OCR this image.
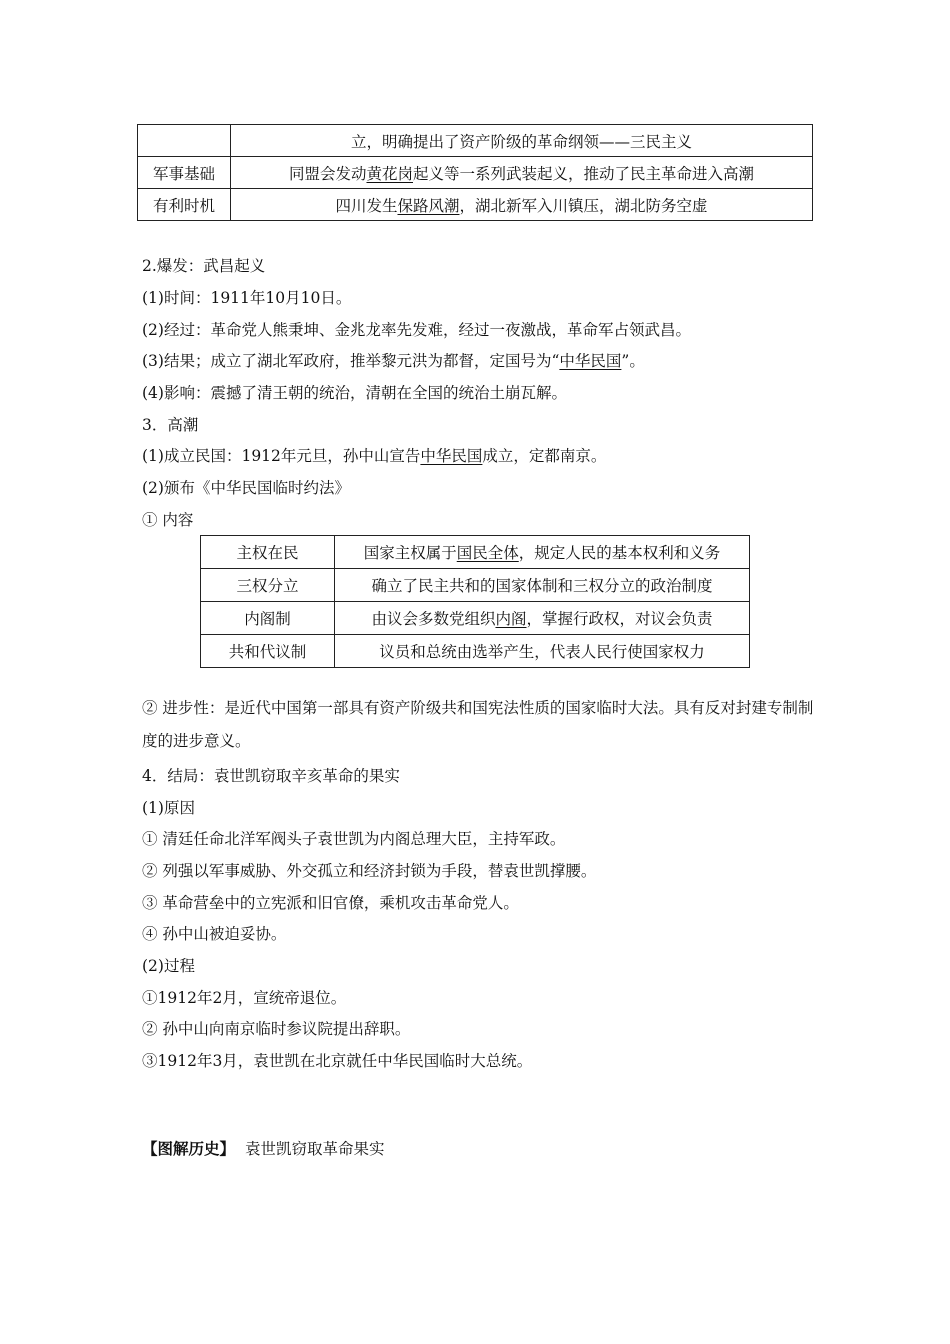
	立，明确提出了资产阶级的革命纲领——三民主义
军事基础	同盟会发动黄花岗起义等一系列武装起义，推动了民主革命进入高潮
有利时机	四川发生保路风潮，湖北新军入川镇压，湖北防务空虚
2.爆发：武昌起义
(1)时间：1911年10月10日。
(2)经过：革命党人熊秉坤、金兆龙率先发难，经过一夜激战，革命军占领武昌。
(3)结果；成立了湖北军政府，推举黎元洪为都督，定国号为“中华民国”。
(4)影响：震撼了清王朝的统治，清朝在全国的统治土崩瓦解。
3．高潮
(1)成立民国：1912年元旦，孙中山宣告中华民国成立，定都南京。
(2)颁布《中华民国临时约法》
① 内容
主权在民	国家主权属于国民全体，规定人民的基本权利和义务
三权分立	确立了民主共和的国家体制和三权分立的政治制度
内阁制	由议会多数党组织内阁，掌握行政权，对议会负责
共和代议制	议员和总统由选举产生，代表人民行使国家权力
② 进步性：是近代中国第一部具有资产阶级共和国宪法性质的国家临时大法。具有反对封建专制制度的进步意义。
4．结局：袁世凯窃取辛亥革命的果实
(1)原因
① 清廷任命北洋军阀头子袁世凯为内阁总理大臣，主持军政。
② 列强以军事威胁、外交孤立和经济封锁为手段，替袁世凯撑腰。
③ 革命营垒中的立宪派和旧官僚，乘机攻击革命党人。
④ 孙中山被迫妥协。
(2)过程
①1912年2月，宣统帝退位。
② 孙中山向南京临时参议院提出辞职。
③1912年3月，袁世凯在北京就任中华民国临时大总统。
【图解历史】 袁世凯窃取革命果实
